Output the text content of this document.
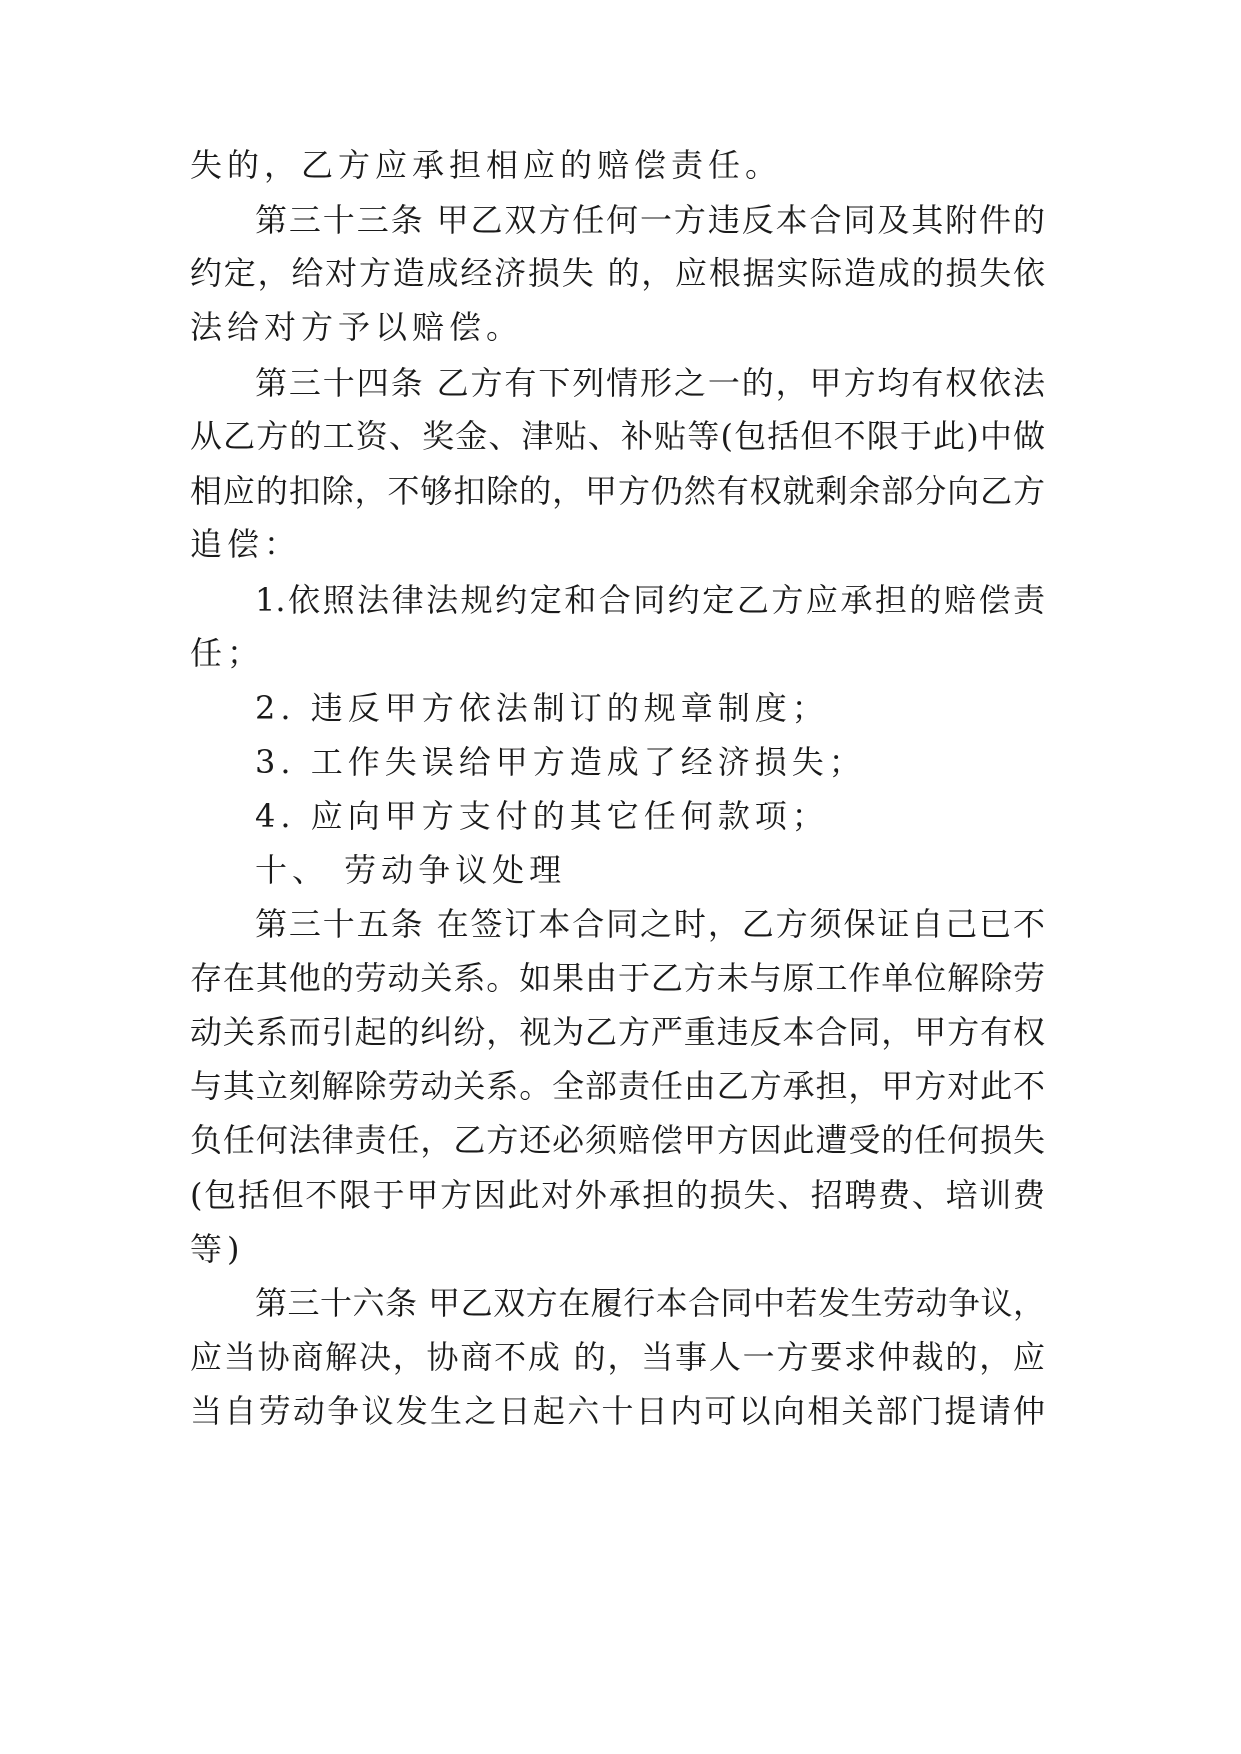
失的，乙方应承担相应的赔偿责任。
第三十三条 甲乙双方任何一方违反本合同及其附件的
约定，给对方造成经济损失 的，应根据实际造成的损失依
法给对方予以赔偿。
第三十四条 乙方有下列情形之一的，甲方均有权依法
从乙方的工资、奖金、津贴、补贴等(包括但不限于此)中做
相应的扣除，不够扣除的，甲方仍然有权就剩余部分向乙方
追偿：
1.依照法律法规约定和合同约定乙方应承担的赔偿责
任；
2. 违反甲方依法制订的规章制度；
3. 工作失误给甲方造成了经济损失；
4. 应向甲方支付的其它任何款项；
十、 劳动争议处理
第三十五条 在签订本合同之时，乙方须保证自己已不
存在其他的劳动关系。如果由于乙方未与原工作单位解除劳
动关系而引起的纠纷，视为乙方严重违反本合同，甲方有权
与其立刻解除劳动关系。全部责任由乙方承担，甲方对此不
负任何法律责任，乙方还必须赔偿甲方因此遭受的任何损失
(包括但不限于甲方因此对外承担的损失、招聘费、培训费
等)
第三十六条 甲乙双方在履行本合同中若发生劳动争议，
应当协商解决，协商不成 的，当事人一方要求仲裁的，应
当自劳动争议发生之日起六十日内可以向相关部门提请仲
